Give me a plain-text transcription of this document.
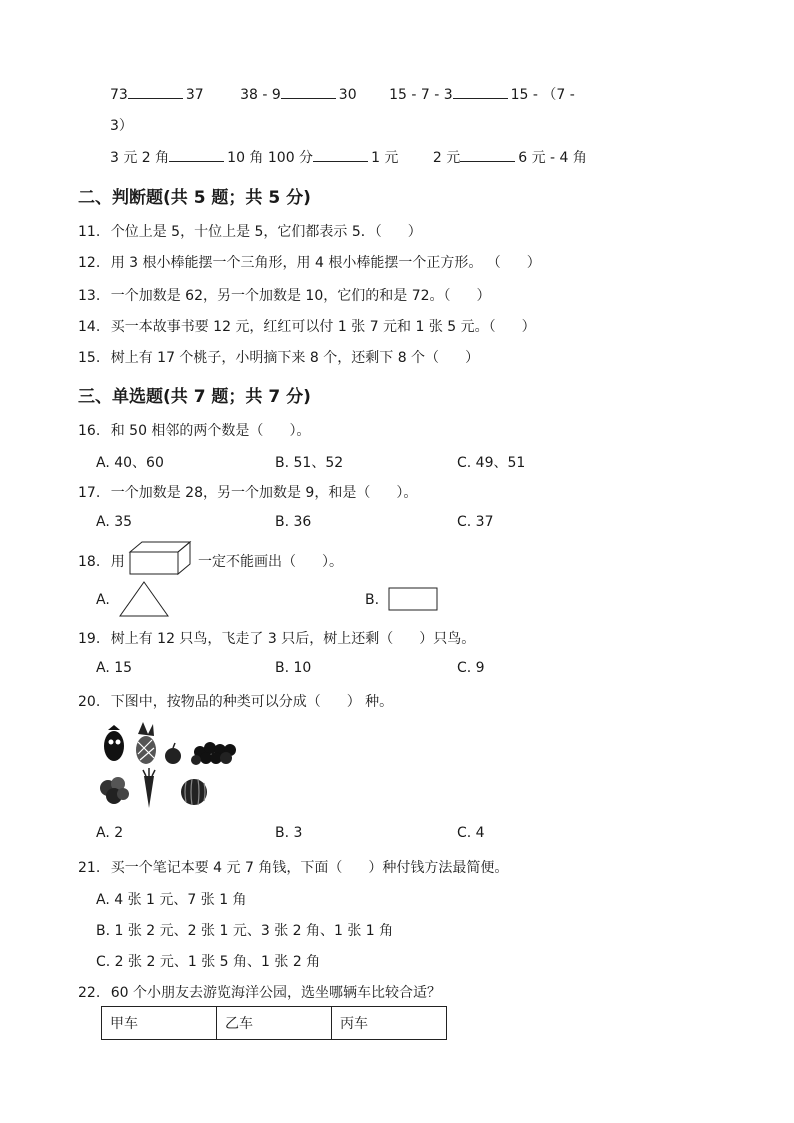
73	37	38 - 9	30 15 - 7 - 3	15 - （7 -
3）
3 元 2 角	10 角 100 分	1 元 2 元	6 元 - 4 角
二、判断题(共 5 题；共 5 分)
11. 个位上是 5，十位上是 5，它们都表示 5．（ ）
12. 用 3 根小棒能摆一个三角形，用 4 根小棒能摆一个正方形。 （ ）
13. 一个加数是 62，另一个加数是 10，它们的和是 72。（ ）
14. 买一本故事书要 12 元，红红可以付 1 张 7 元和 1 张 5 元。（ ）
15. 树上有 17 个桃子，小明摘下来 8 个，还剩下 8 个（ ）
三、单选题(共 7 题；共 7 分)
16. 和 50 相邻的两个数是（ ）。
A. 40、60	B. 51、52	C. 49、51
17. 一个加数是 28，另一个加数是 9，和是（ ）。
A. 35	B. 36	C. 37
18. 用	一定不能画出（ ）。
A.	B.
19. 树上有 12 只鸟，飞走了 3 只后，树上还剩（ ）只鸟。
A. 15	B. 10	C. 9
20. 下图中，按物品的种类可以分成（ ） 种。
A. 2	B. 3	C. 4
21. 买一个笔记本要 4 元 7 角钱，下面（ ）种付钱方法最简便。
A. 4 张 1 元、7 张 1 角
B. 1 张 2 元、2 张 1 元、3 张 2 角、1 张 1 角
C. 2 张 2 元、1 张 5 角、1 张 2 角
22. 60 个小朋友去游览海洋公园，选坐哪辆车比较合适？
甲车	乙车	丙车
